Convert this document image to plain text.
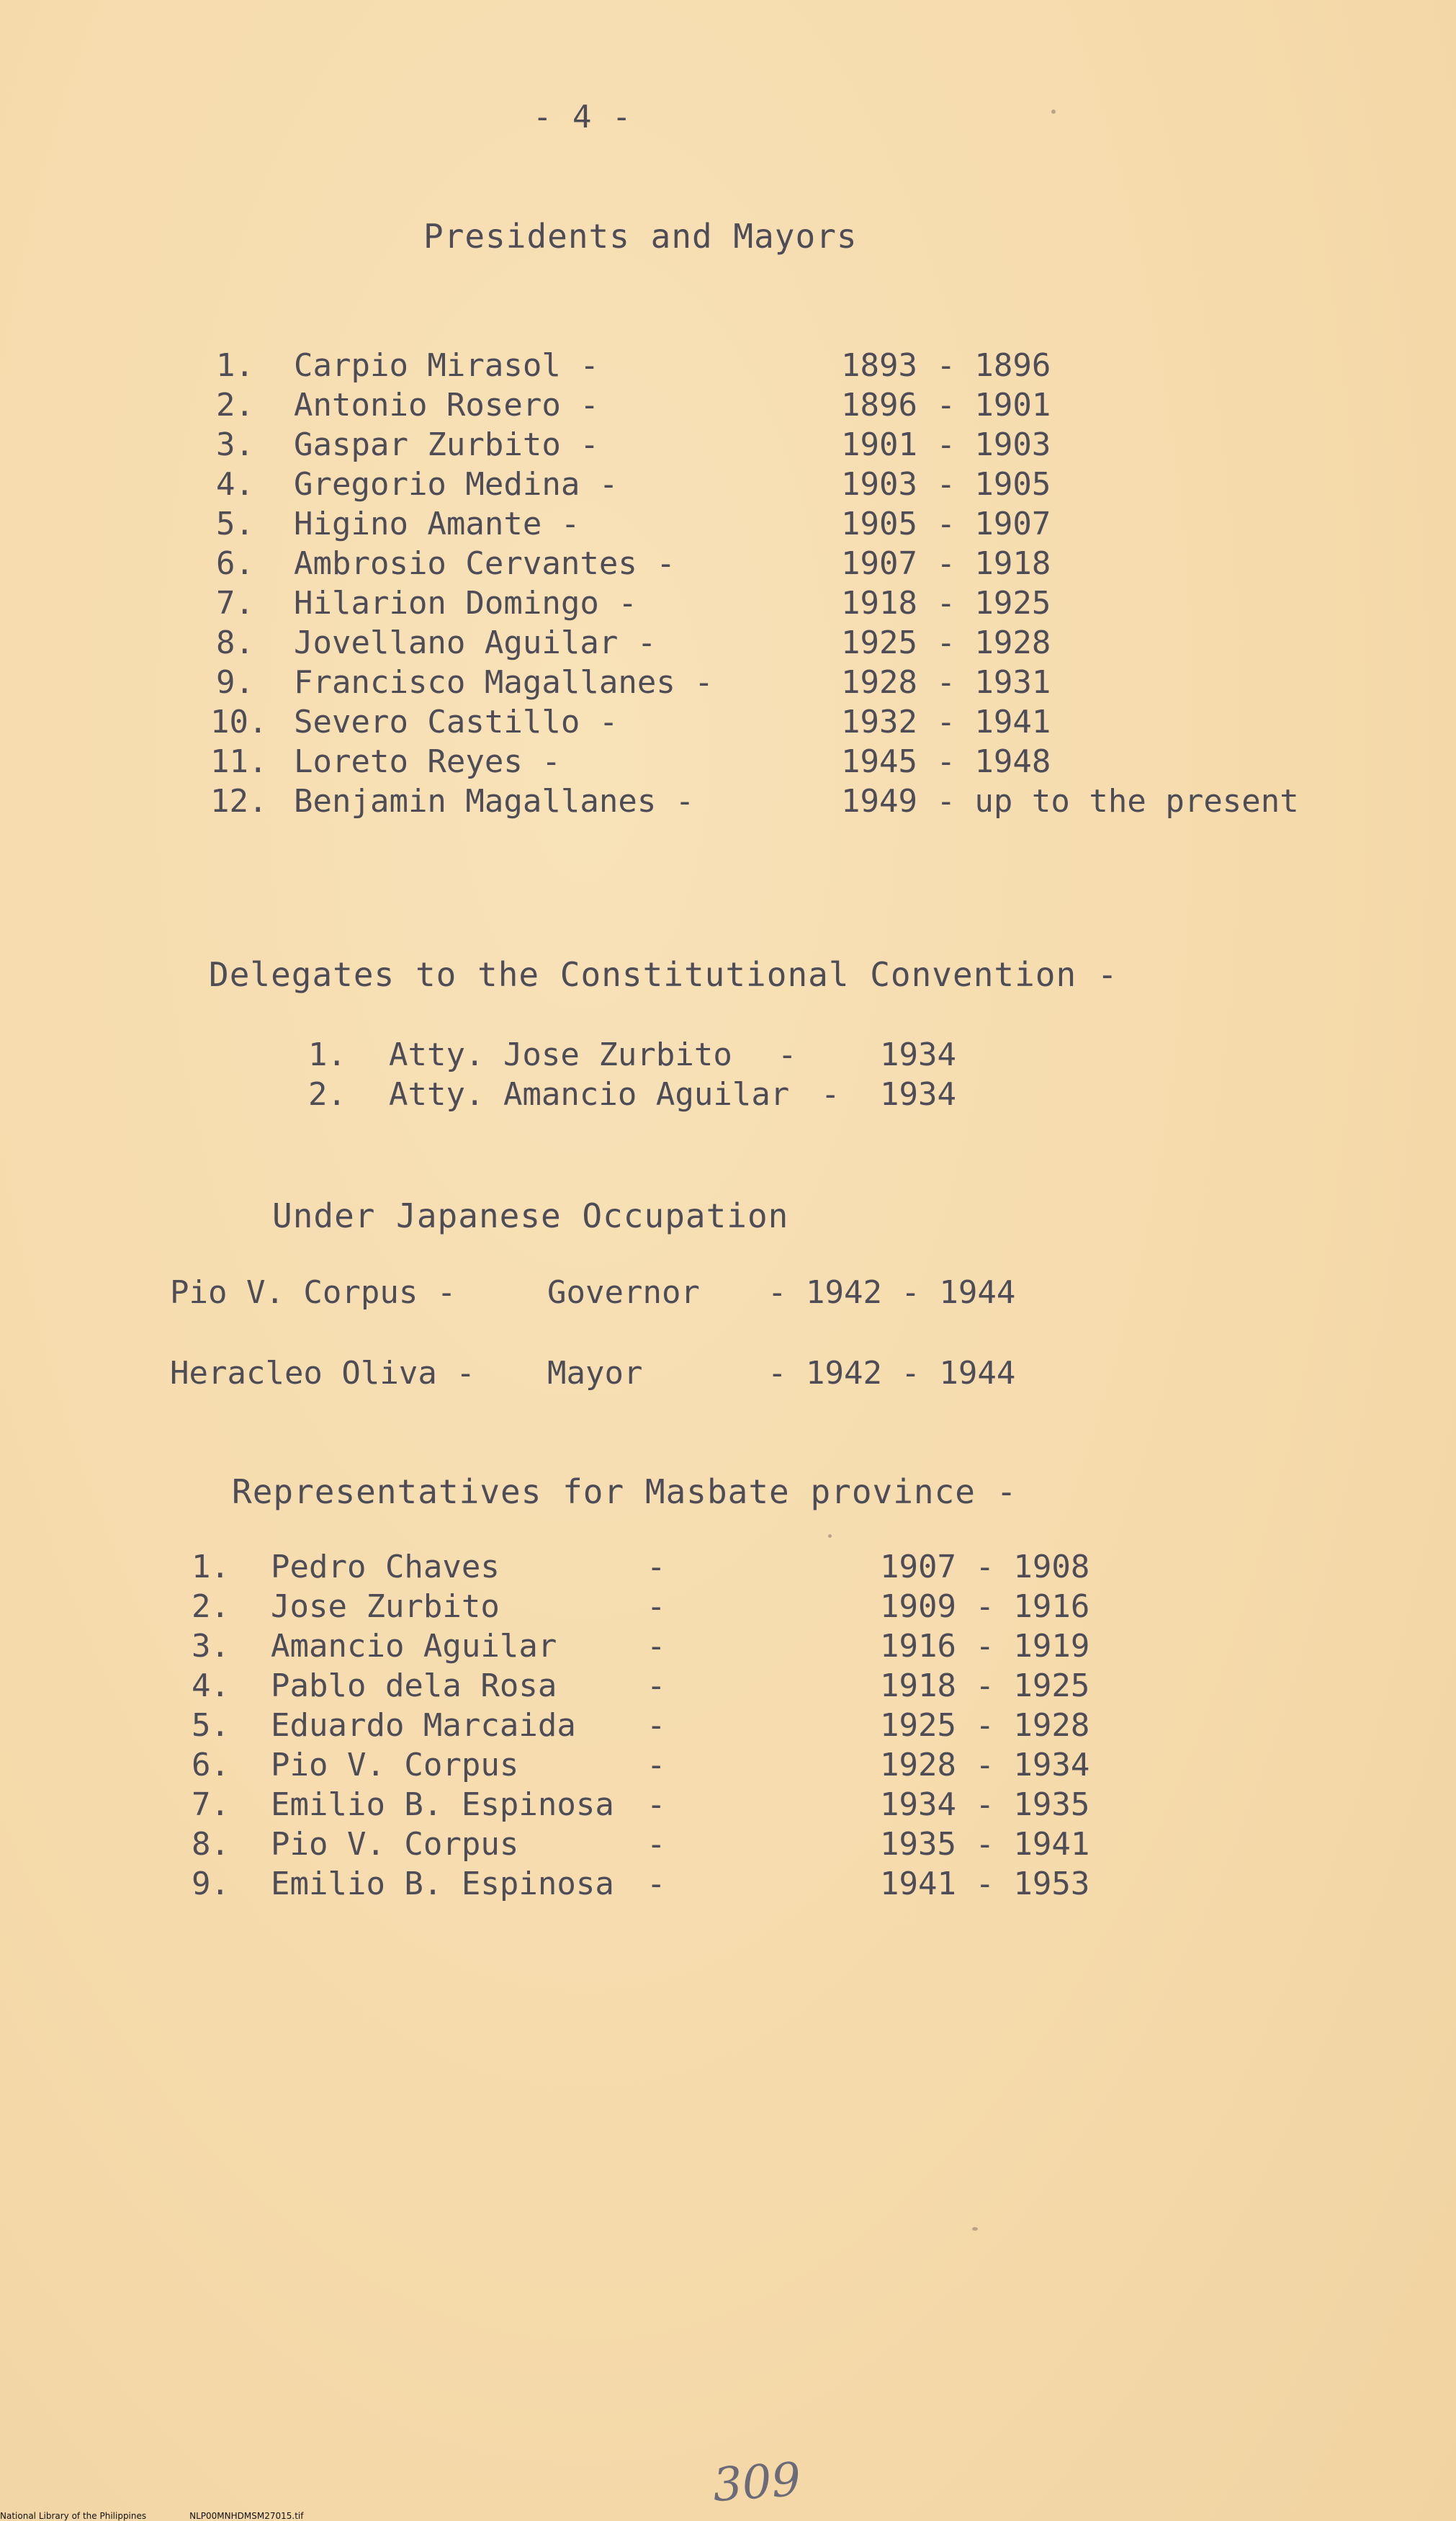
- 4 -
Presidents and Mayors
1. Carpio Mirasol -	1893 - 1896
2. Antonio Rosero -	1896 - 1901
3. Gaspar Zurbito -	1901 - 1903
4. Gregorio Medina -	1903 - 1905
5. Higino Amante -	1905 - 1907
6. Ambrosio Cervantes -	1907 - 1918
7. Hilarion Domingo -	1918 - 1925
8. Jovellano Aguilar -	1925 - 1928
9. Francisco Magallanes -	1928 - 1931
10. Severo Castillo -	1932 - 1941
11. Loreto Reyes -	1945 - 1948
12. Benjamin Magallanes -	1949 - up to the present
Delegates to the Constitutional Convention -
1. Atty. Jose Zurbito -	1934
2. Atty. Amancio Aguilar - 1934
Under Japanese Occupation
Pio V. Corpus -	Governor - 1942 - 1944
Heracleo Oliva - Mayor	- 1942 - 1944
Representatives for Masbate province -
1. Pedro Chaves	-	1907 - 1908
2. Jose Zurbito	-	1909 - 1916
3. Amancio Aguilar	-	1916 - 1919
4. Pablo dela Rosa	-	1918 - 1925
5. Eduardo Marcaida -	1925 - 1928
6. Pio V. Corpus	-	1928 - 1934
7. Emilio B. Espinosa -	1934 - 1935
8. Pio V. Corpus	-	1935 - 1941
9. Emilio B. Espinosa -	1941 - 1953
309
National Library of the Philippines	NLP00MNHDMSM27015.tif
